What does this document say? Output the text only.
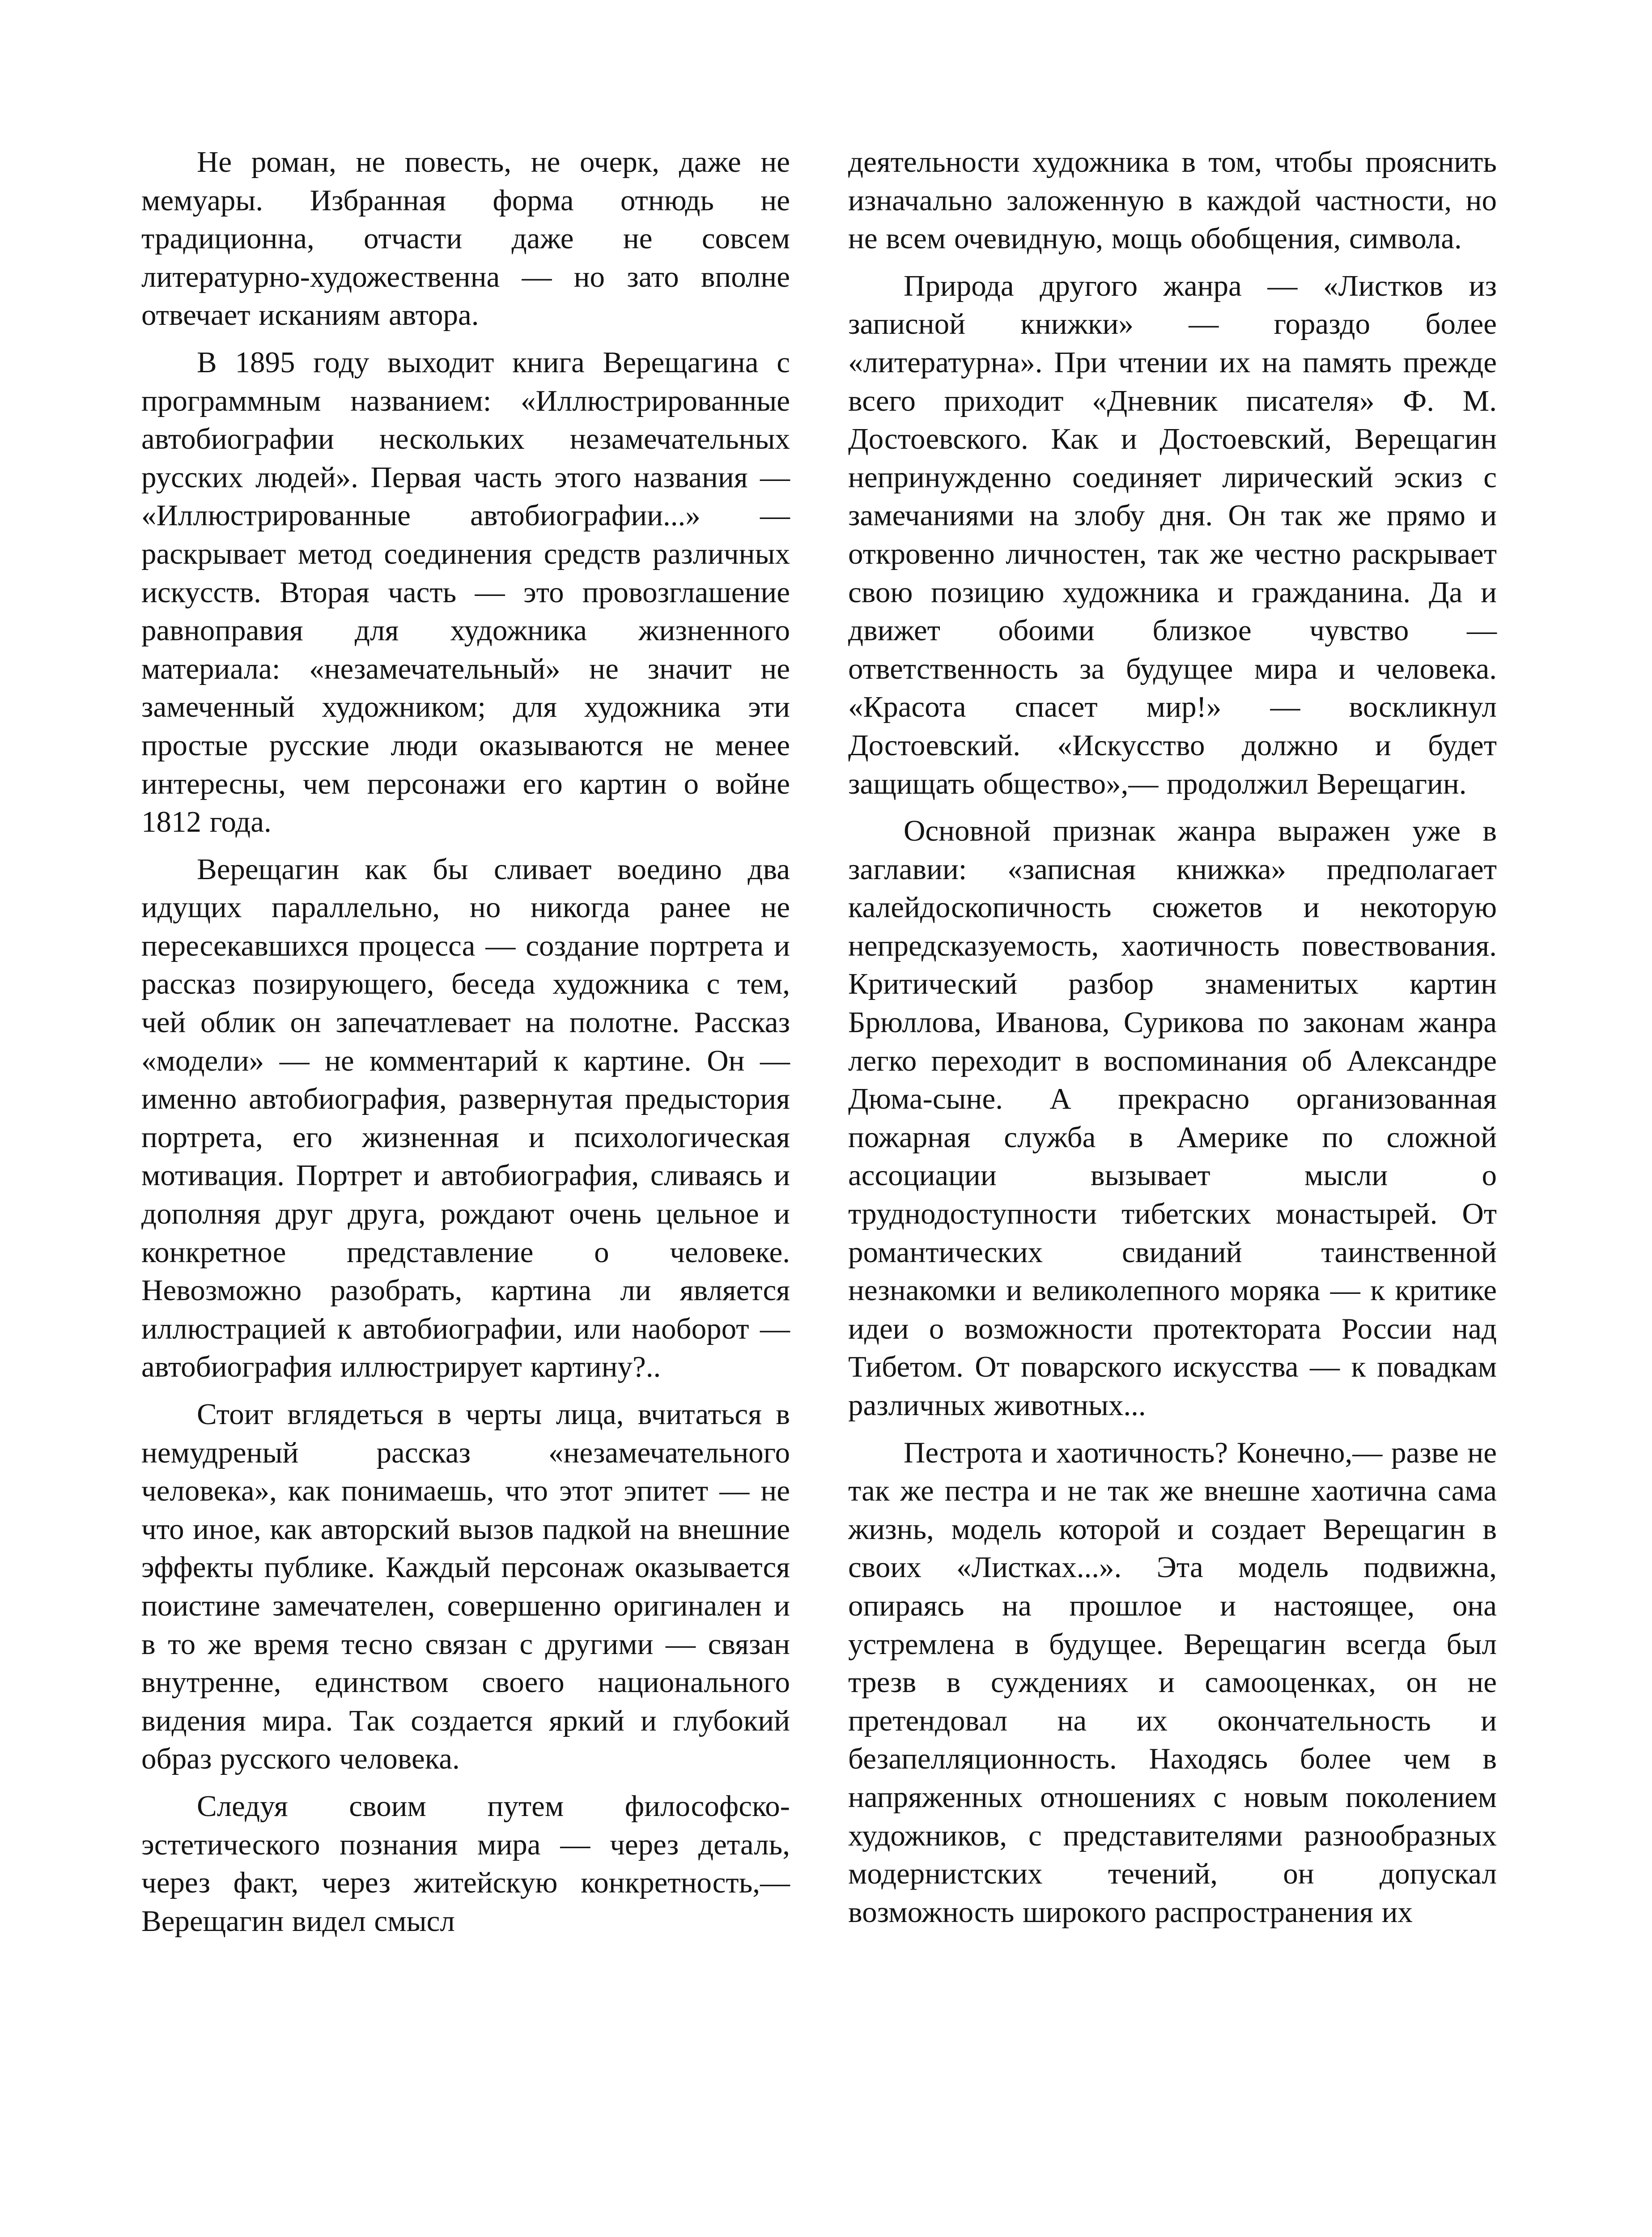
Не роман, не повесть, не очерк, даже не мемуары. Избранная форма отнюдь не традиционна, отчасти даже не совсем литературно-художественна — но зато вполне отвечает исканиям автора.

В 1895 году выходит книга Верещагина с программным названием: «Иллюстрированные автобиографии нескольких незамечательных русских людей». Первая часть этого названия — «Иллюстрированные автобиографии...» — раскрывает метод соединения средств различных искусств. Вторая часть — это провозглашение равноправия для художника жизненного материала: «незамечательный» не значит не замеченный художником; для художника эти простые русские люди оказываются не менее интересны, чем персонажи его картин о войне 1812 года.

Верещагин как бы сливает воедино два идущих параллельно, но никогда ранее не пересекавшихся процесса — создание портрета и рассказ позирующего, беседа художника с тем, чей облик он запечатлевает на полотне. Рассказ «модели» — не комментарий к картине. Он — именно автобиография, развернутая предыстория портрета, его жизненная и психологическая мотивация. Портрет и автобиография, сливаясь и дополняя друг друга, рождают очень цельное и конкретное представление о человеке. Невозможно разобрать, картина ли является иллюстрацией к автобиографии, или наоборот — автобиография иллюстрирует картину?..

Стоит вглядеться в черты лица, вчитаться в немудреный рассказ «незамечательного человека», как понимаешь, что этот эпитет — не что иное, как авторский вызов падкой на внешние эффекты публике. Каждый персонаж оказывается поистине замечателен, совершенно оригинален и в то же время тесно связан с другими — связан внутренне, единством своего национального видения мира. Так создается яркий и глубокий образ русского человека.

Следуя своим путем философско-эстетического познания мира — через деталь, через факт, через житейскую конкретность,— Верещагин видел смысл

деятельности художника в том, чтобы прояснить изначально заложенную в каждой частности, но не всем очевидную, мощь обобщения, символа.

Природа другого жанра — «Листков из записной книжки» — гораздо более «литературна». При чтении их на память прежде всего приходит «Дневник писателя» Ф. М. Достоевского. Как и Достоевский, Верещагин непринужденно соединяет лирический эскиз с замечаниями на злобу дня. Он так же прямо и откровенно личностен, так же честно раскрывает свою позицию художника и гражданина. Да и движет обоими близкое чувство — ответственность за будущее мира и человека. «Красота спасет мир!» — воскликнул Достоевский. «Искусство должно и будет защищать общество»,— продолжил Верещагин.

Основной признак жанра выражен уже в заглавии: «записная книжка» предполагает калейдоскопичность сюжетов и некоторую непредсказуемость, хаотичность повествования. Критический разбор знаменитых картин Брюллова, Иванова, Сурикова по законам жанра легко переходит в воспоминания об Александре Дюма-сыне. А прекрасно организованная пожарная служба в Америке по сложной ассоциации вызывает мысли о труднодоступности тибетских монастырей. От романтических свиданий таинственной незнакомки и великолепного моряка — к критике идеи о возможности протектората России над Тибетом. От поварского искусства — к повадкам различных животных...

Пестрота и хаотичность? Конечно,— разве не так же пестра и не так же внешне хаотична сама жизнь, модель которой и создает Верещагин в своих «Листках...». Эта модель подвижна, опираясь на прошлое и настоящее, она устремлена в будущее. Верещагин всегда был трезв в суждениях и самооценках, он не претендовал на их окончательность и безапелляционность. Находясь более чем в напряженных отношениях с новым поколением художников, с представителями разнообразных модернистских течений, он допускал возможность широкого распространения их
